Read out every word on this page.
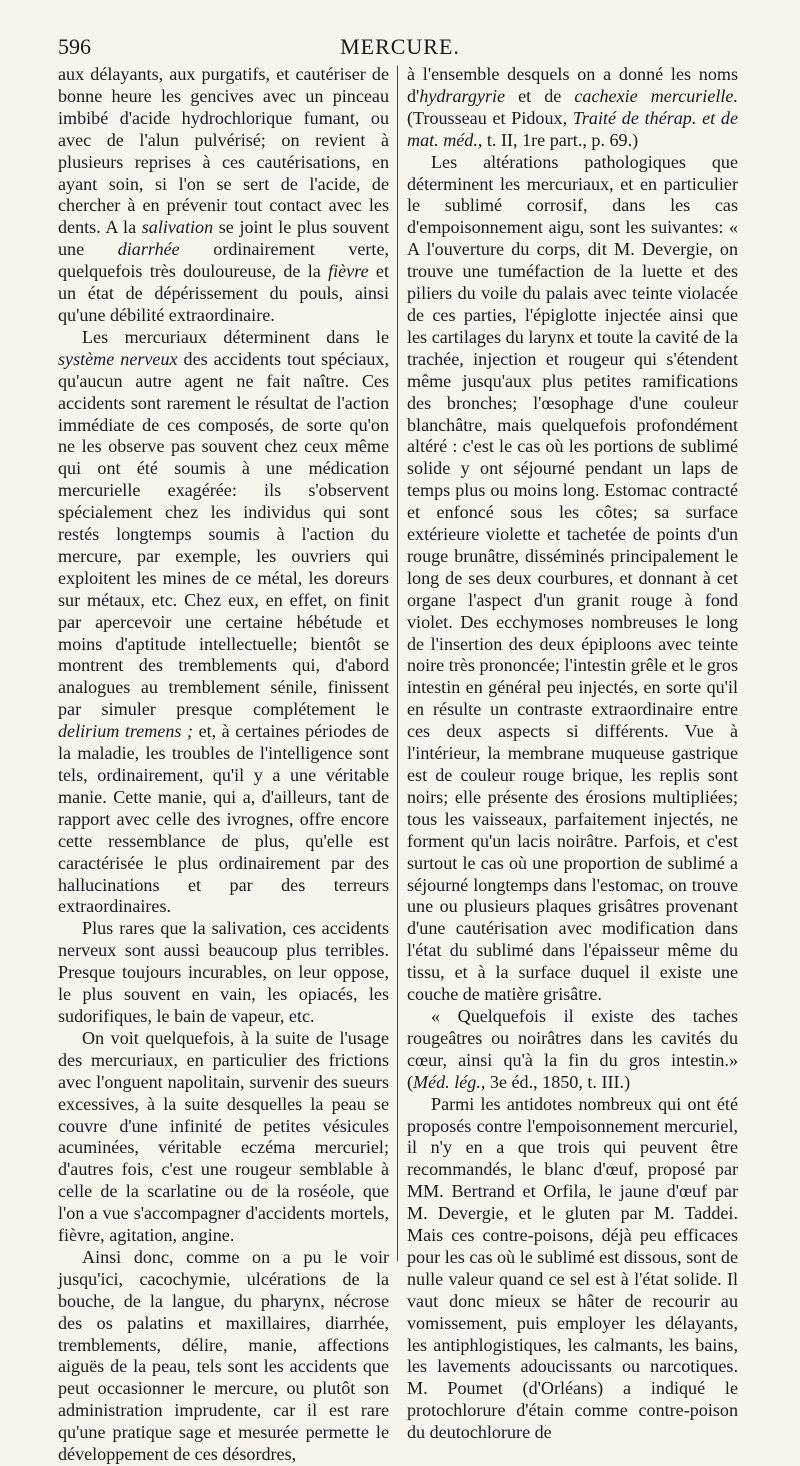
596	MERCURE.

aux délayants, aux purgatifs, et cautériser de bonne heure les gencives avec un pinceau imbibé d'acide hydrochlorique fumant, ou avec de l'alun pulvérisé; on revient à plusieurs reprises à ces cautérisations, en ayant soin, si l'on se sert de l'acide, de chercher à en prévenir tout contact avec les dents. A la salivation se joint le plus souvent une diarrhée ordinairement verte, quelquefois très douloureuse, de la fièvre et un état de dépérissement du pouls, ainsi qu'une débilité extraordinaire.

Les mercuriaux déterminent dans le système nerveux des accidents tout spéciaux, qu'aucun autre agent ne fait naître. Ces accidents sont rarement le résultat de l'action immédiate de ces composés, de sorte qu'on ne les observe pas souvent chez ceux même qui ont été soumis à une médication mercurielle exagérée: ils s'observent spécialement chez les individus qui sont restés longtemps soumis à l'action du mercure, par exemple, les ouvriers qui exploitent les mines de ce métal, les doreurs sur métaux, etc. Chez eux, en effet, on finit par apercevoir une certaine hébétude et moins d'aptitude intellectuelle; bientôt se montrent des tremblements qui, d'abord analogues au tremblement sénile, finissent par simuler presque complétement le delirium tremens ; et, à certaines périodes de la maladie, les troubles de l'intelligence sont tels, ordinairement, qu'il y a une véritable manie. Cette manie, qui a, d'ailleurs, tant de rapport avec celle des ivrognes, offre encore cette ressemblance de plus, qu'elle est caractérisée le plus ordinairement par des hallucinations et par des terreurs extraordinaires.

Plus rares que la salivation, ces accidents nerveux sont aussi beaucoup plus terribles. Presque toujours incurables, on leur oppose, le plus souvent en vain, les opiacés, les sudorifiques, le bain de vapeur, etc.

On voit quelquefois, à la suite de l'usage des mercuriaux, en particulier des frictions avec l'onguent napolitain, survenir des sueurs excessives, à la suite desquelles la peau se couvre d'une infinité de petites vésicules acuminées, véritable eczéma mercuriel; d'autres fois, c'est une rougeur semblable à celle de la scarlatine ou de la roséole, que l'on a vue s'accompagner d'accidents mortels, fièvre, agitation, angine.

Ainsi donc, comme on a pu le voir jusqu'ici, cacochymie, ulcérations de la bouche, de la langue, du pharynx, nécrose des os palatins et maxillaires, diarrhée, tremblements, délire, manie, affections aiguës de la peau, tels sont les accidents que peut occasionner le mercure, ou plutôt son administration imprudente, car il est rare qu'une pratique sage et mesurée permette le développement de ces désordres,

à l'ensemble desquels on a donné les noms d'hydrargyrie et de cachexie mercurielle. (Trousseau et Pidoux, Traité de thérap. et de mat. méd., t. II, 1re part., p. 69.)

Les altérations pathologiques que déterminent les mercuriaux, et en particulier le sublimé corrosif, dans les cas d'empoisonnement aigu, sont les suivantes: « A l'ouverture du corps, dit M. Devergie, on trouve une tuméfaction de la luette et des piliers du voile du palais avec teinte violacée de ces parties, l'épiglotte injectée ainsi que les cartilages du larynx et toute la cavité de la trachée, injection et rougeur qui s'étendent même jusqu'aux plus petites ramifications des bronches; l'œsophage d'une couleur blanchâtre, mais quelquefois profondément altéré : c'est le cas où les portions de sublimé solide y ont séjourné pendant un laps de temps plus ou moins long. Estomac contracté et enfoncé sous les côtes; sa surface extérieure violette et tachetée de points d'un rouge brunâtre, disséminés principalement le long de ses deux courbures, et donnant à cet organe l'aspect d'un granit rouge à fond violet. Des ecchymoses nombreuses le long de l'insertion des deux épiploons avec teinte noire très prononcée; l'intestin grêle et le gros intestin en général peu injectés, en sorte qu'il en résulte un contraste extraordinaire entre ces deux aspects si différents. Vue à l'intérieur, la membrane muqueuse gastrique est de couleur rouge brique, les replis sont noirs; elle présente des érosions multipliées; tous les vaisseaux, parfaitement injectés, ne forment qu'un lacis noirâtre. Parfois, et c'est surtout le cas où une proportion de sublimé a séjourné longtemps dans l'estomac, on trouve une ou plusieurs plaques grisâtres provenant d'une cautérisation avec modification dans l'état du sublimé dans l'épaisseur même du tissu, et à la surface duquel il existe une couche de matière grisâtre.

« Quelquefois il existe des taches rougeâtres ou noirâtres dans les cavités du cœur, ainsi qu'à la fin du gros intestin.» (Méd. lég., 3e éd., 1850, t. III.)

Parmi les antidotes nombreux qui ont été proposés contre l'empoisonnement mercuriel, il n'y en a que trois qui peuvent être recommandés, le blanc d'œuf, proposé par MM. Bertrand et Orfila, le jaune d'œuf par M. Devergie, et le gluten par M. Taddei. Mais ces contre-poisons, déjà peu efficaces pour les cas où le sublimé est dissous, sont de nulle valeur quand ce sel est à l'état solide. Il vaut donc mieux se hâter de recourir au vomissement, puis employer les délayants, les antiphlogistiques, les calmants, les bains, les lavements adoucissants ou narcotiques. M. Poumet (d'Orléans) a indiqué le protochlorure d'étain comme contre-poison du deutochlorure de
